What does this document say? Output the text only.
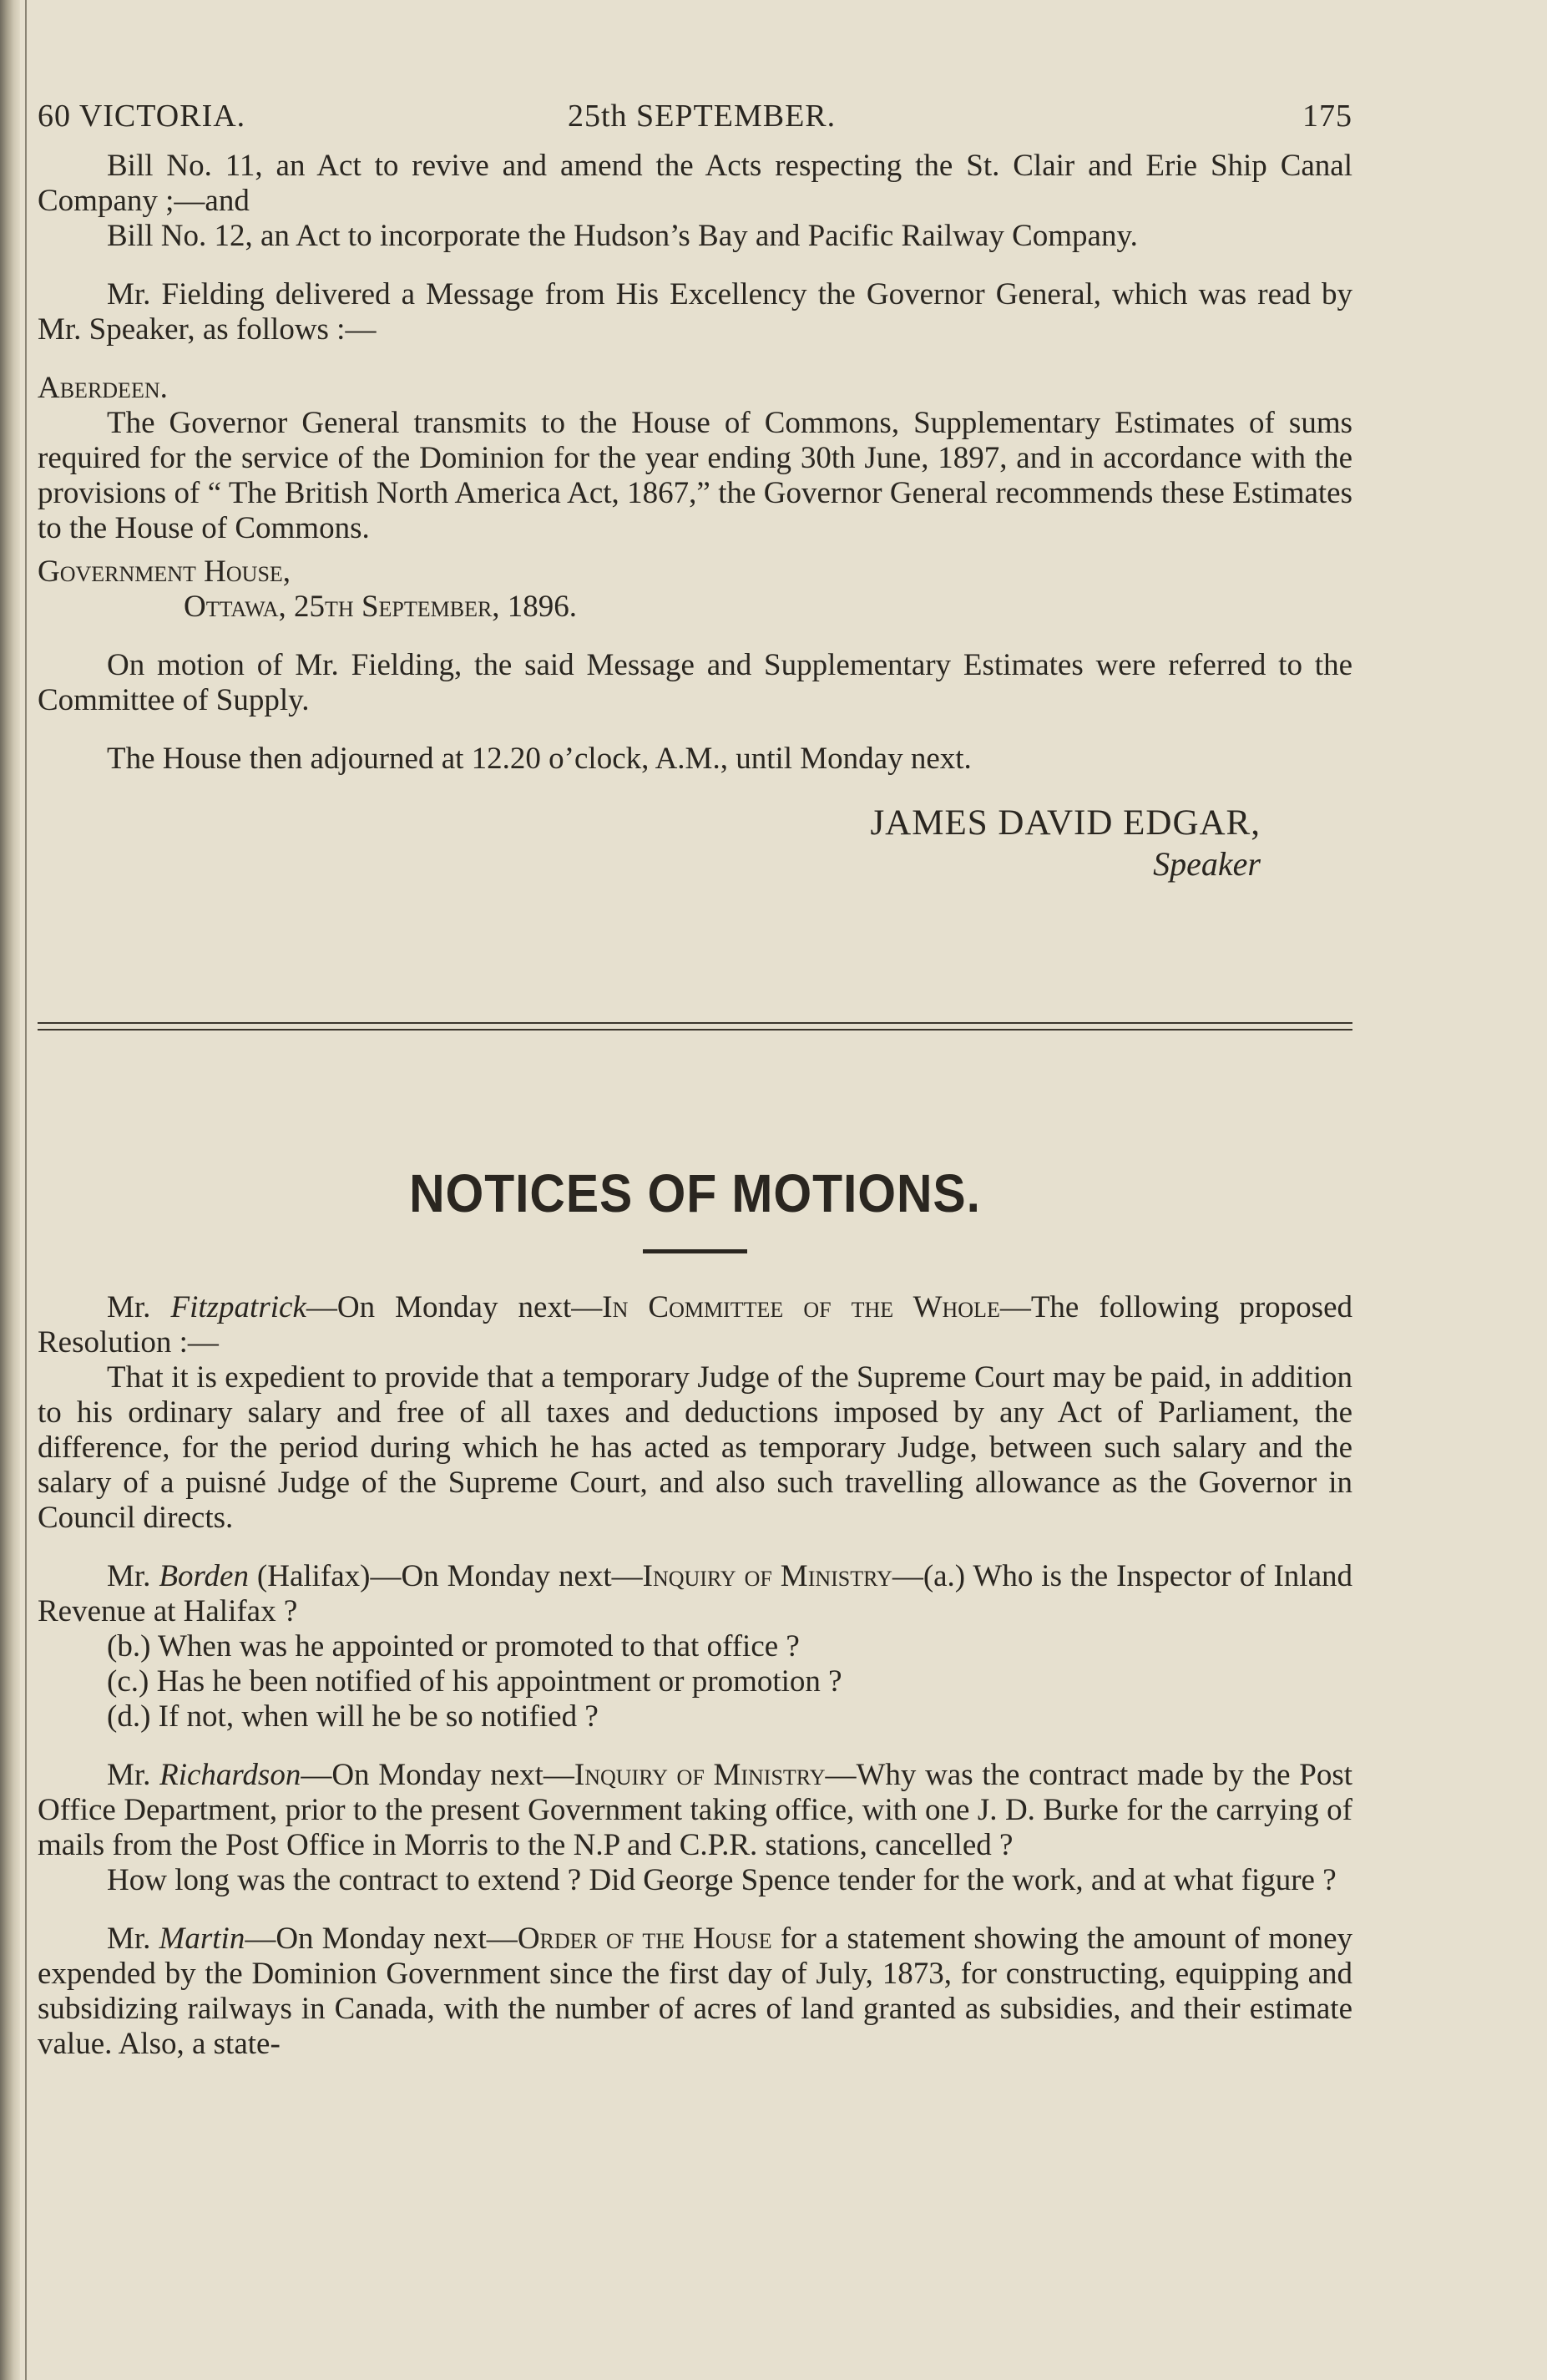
60 VICTORIA.	25th SEPTEMBER.	175

Bill No. 11, an Act to revive and amend the Acts respecting the St. Clair and Erie Ship Canal Company ;—and

Bill No. 12, an Act to incorporate the Hudson’s Bay and Pacific Railway Company.

Mr. Fielding delivered a Message from His Excellency the Governor General, which was read by Mr. Speaker, as follows :—

Aberdeen.

The Governor General transmits to the House of Commons, Supplementary Estimates of sums required for the service of the Dominion for the year ending 30th June, 1897, and in accordance with the provisions of “ The British North America Act, 1867,” the Governor General recommends these Estimates to the House of Commons.

Government House,

Ottawa, 25th September, 1896.

On motion of Mr. Fielding, the said Message and Supplementary Estimates were referred to the Committee of Supply.

The House then adjourned at 12.20 o’clock, A.M., until Monday next.

JAMES DAVID EDGAR,
Speaker
NOTICES OF MOTIONS.

Mr. Fitzpatrick—On Monday next—In Committee of the Whole—The following proposed Resolution :—

That it is expedient to provide that a temporary Judge of the Supreme Court may be paid, in addition to his ordinary salary and free of all taxes and deductions imposed by any Act of Parliament, the difference, for the period during which he has acted as temporary Judge, between such salary and the salary of a puisné Judge of the Supreme Court, and also such travelling allowance as the Governor in Council directs.

Mr. Borden (Halifax)—On Monday next—Inquiry of Ministry—(a.) Who is the Inspector of Inland Revenue at Halifax ?

(b.) When was he appointed or promoted to that office ?

(c.) Has he been notified of his appointment or promotion ?

(d.) If not, when will he be so notified ?

Mr. Richardson—On Monday next—Inquiry of Ministry—Why was the contract made by the Post Office Department, prior to the present Government taking office, with one J. D. Burke for the carrying of mails from the Post Office in Morris to the N.P and C.P.R. stations, cancelled ?

How long was the contract to extend ? Did George Spence tender for the work, and at what figure ?

Mr. Martin—On Monday next—Order of the House for a statement showing the amount of money expended by the Dominion Government since the first day of July, 1873, for constructing, equipping and subsidizing railways in Canada, with the number of acres of land granted as subsidies, and their estimate value. Also, a state-
